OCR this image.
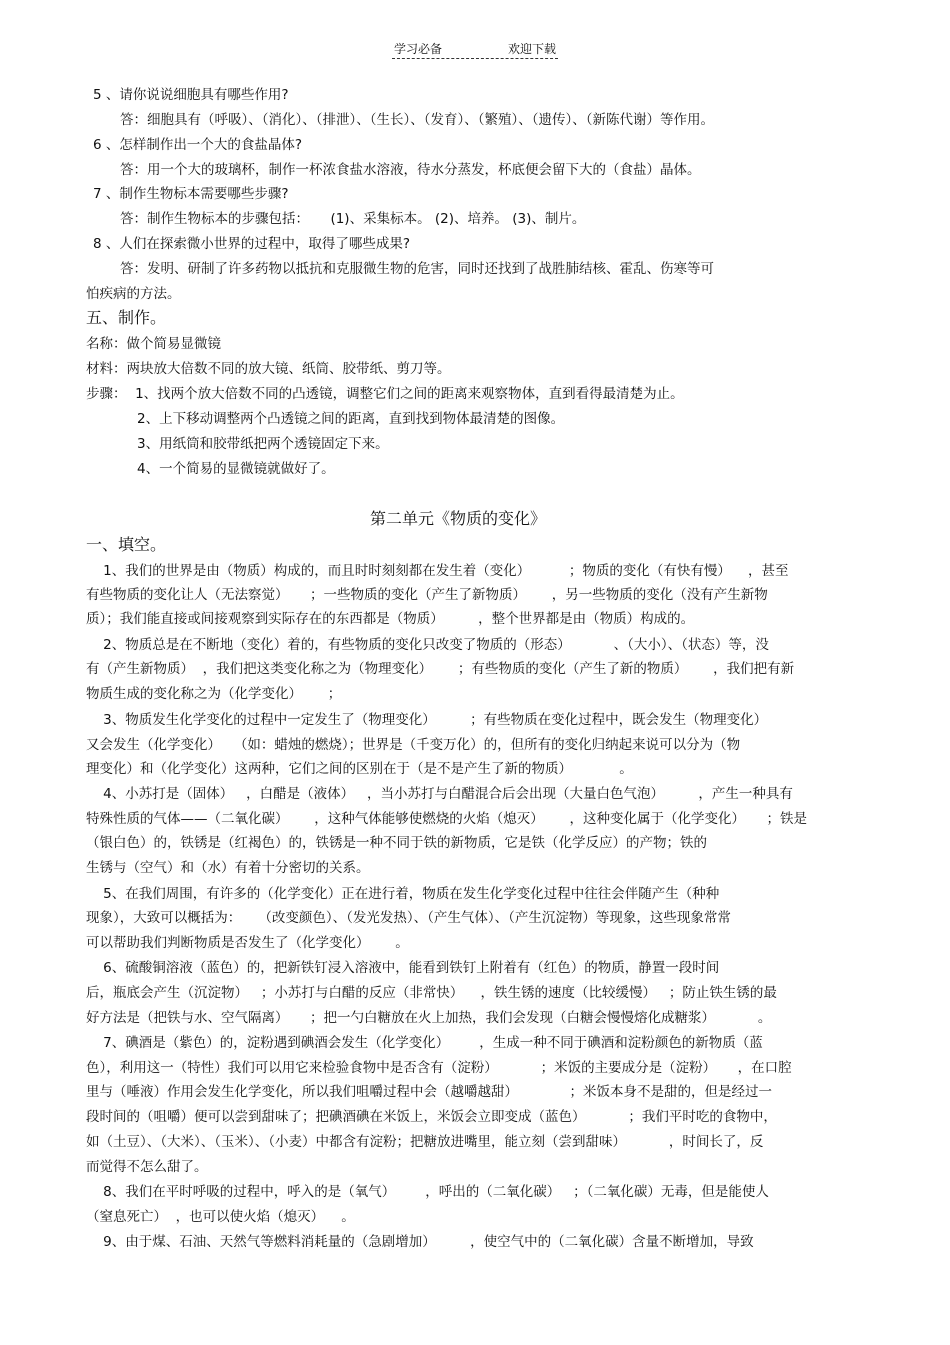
学习必备	欢迎下载
5 、请你说说细胞具有哪些作用?
答：细胞具有（呼吸）、（消化）、（排泄）、（生长）、（发育）、（繁殖）、（遗传）、（新陈代谢）等作用。
6 、怎样制作出一个大的食盐晶体?
答：用一个大的玻璃杯，制作一杯浓食盐水溶液，待水分蒸发，杯底便会留下大的（食盐）晶体。
7 、制作生物标本需要哪些步骤?
答：制作生物标本的步骤包括：     (1)、采集标本。 (2)、培养。 (3)、制片。
8 、人们在探索微小世界的过程中，取得了哪些成果?
答：发明、研制了许多药物以抵抗和克服微生物的危害，同时还找到了战胜肺结核、霍乱、伤寒等可
怕疾病的方法。
五、制作。
名称：做个简易显微镜
材料：两块放大倍数不同的放大镜、纸筒、胶带纸、剪刀等。
步骤：  1、找两个放大倍数不同的凸透镜，调整它们之间的距离来观察物体，直到看得最清楚为止。
2、上下移动调整两个凸透镜之间的距离，直到找到物体最清楚的图像。
3、用纸筒和胶带纸把两个透镜固定下来。
4、一个简易的显微镜就做好了。
第二单元《物质的变化》
一、填空。
1、我们的世界是由（物质）构成的，而且时时刻刻都在发生着（变化）         ；物质的变化（有快有慢）    ，甚至
有些物质的变化让人（无法察觉）     ；一些物质的变化（产生了新物质）      ，另一些物质的变化（没有产生新物
质）；我们能直接或间接观察到实际存在的东西都是（物质）        ，整个世界都是由（物质）构成的。
2、物质总是在不断地（变化）着的，有些物质的变化只改变了物质的（形态）          、（大小）、（状态）等，没
有（产生新物质）  ，我们把这类变化称之为（物理变化）      ；有些物质的变化（产生了新的物质）      ，我们把有新
物质生成的变化称之为（化学变化）      ；
3、物质发生化学变化的过程中一定发生了（物理变化）        ；有些物质在变化过程中，既会发生（物理变化）
又会发生（化学变化）   （如：蜡烛的燃烧）；世界是（千变万化）的，但所有的变化归纳起来说可以分为（物
理变化）和（化学变化）这两种，它们之间的区别在于（是不是产生了新的物质）           。
4、小苏打是（固体）   ，白醋是（液体）   ，当小苏打与白醋混合后会出现（大量白色气泡）        ，产生一种具有
特殊性质的气体——（二氧化碳）      ，这种气体能够使燃烧的火焰（熄灭）      ，这种变化属于（化学变化）     ；铁是
（银白色）的，铁锈是（红褐色）的，铁锈是一种不同于铁的新物质，它是铁（化学反应）的产物；铁的
生锈与（空气）和（水）有着十分密切的关系。
5、在我们周围，有许多的（化学变化）正在进行着，物质在发生化学变化过程中往往会伴随产生（种种
现象），大致可以概括为：    （改变颜色）、（发光发热）、（产生气体）、（产生沉淀物）等现象，这些现象常常
可以帮助我们判断物质是否发生了（化学变化）      。
6、硫酸铜溶液（蓝色）的，把新铁钉浸入溶液中，能看到铁钉上附着有（红色）的物质，静置一段时间
后，瓶底会产生（沉淀物）   ；小苏打与白醋的反应（非常快）    ，铁生锈的速度（比较缓慢）   ；防止铁生锈的最
好方法是（把铁与水、空气隔离）     ；把一勺白糖放在火上加热，我们会发现（白糖会慢慢熔化成糖浆）          。
7、碘酒是（紫色）的，淀粉遇到碘酒会发生（化学变化）       ，生成一种不同于碘酒和淀粉颜色的新物质（蓝
色），利用这一（特性）我们可以用它来检验食物中是否含有（淀粉）          ；米饭的主要成分是（淀粉）     ，在口腔
里与（唾液）作用会发生化学变化，所以我们咀嚼过程中会（越嚼越甜）            ；米饭本身不是甜的，但是经过一
段时间的（咀嚼）便可以尝到甜味了；把碘酒碘在米饭上，米饭会立即变成（蓝色）          ；我们平时吃的食物中，
如（土豆）、（大米）、（玉米）、（小麦）中都含有淀粉；把糖放进嘴里，能立刻（尝到甜味）          ，时间长了，反
而觉得不怎么甜了。
8、我们在平时呼吸的过程中，呼入的是（氧气）       ，呼出的（二氧化碳）   ；（二氧化碳）无毒，但是能使人
（窒息死亡）  ，也可以使火焰（熄灭）    。
9、由于煤、石油、天然气等燃料消耗量的（急剧增加）        ，使空气中的（二氧化碳）含量不断增加，导致
